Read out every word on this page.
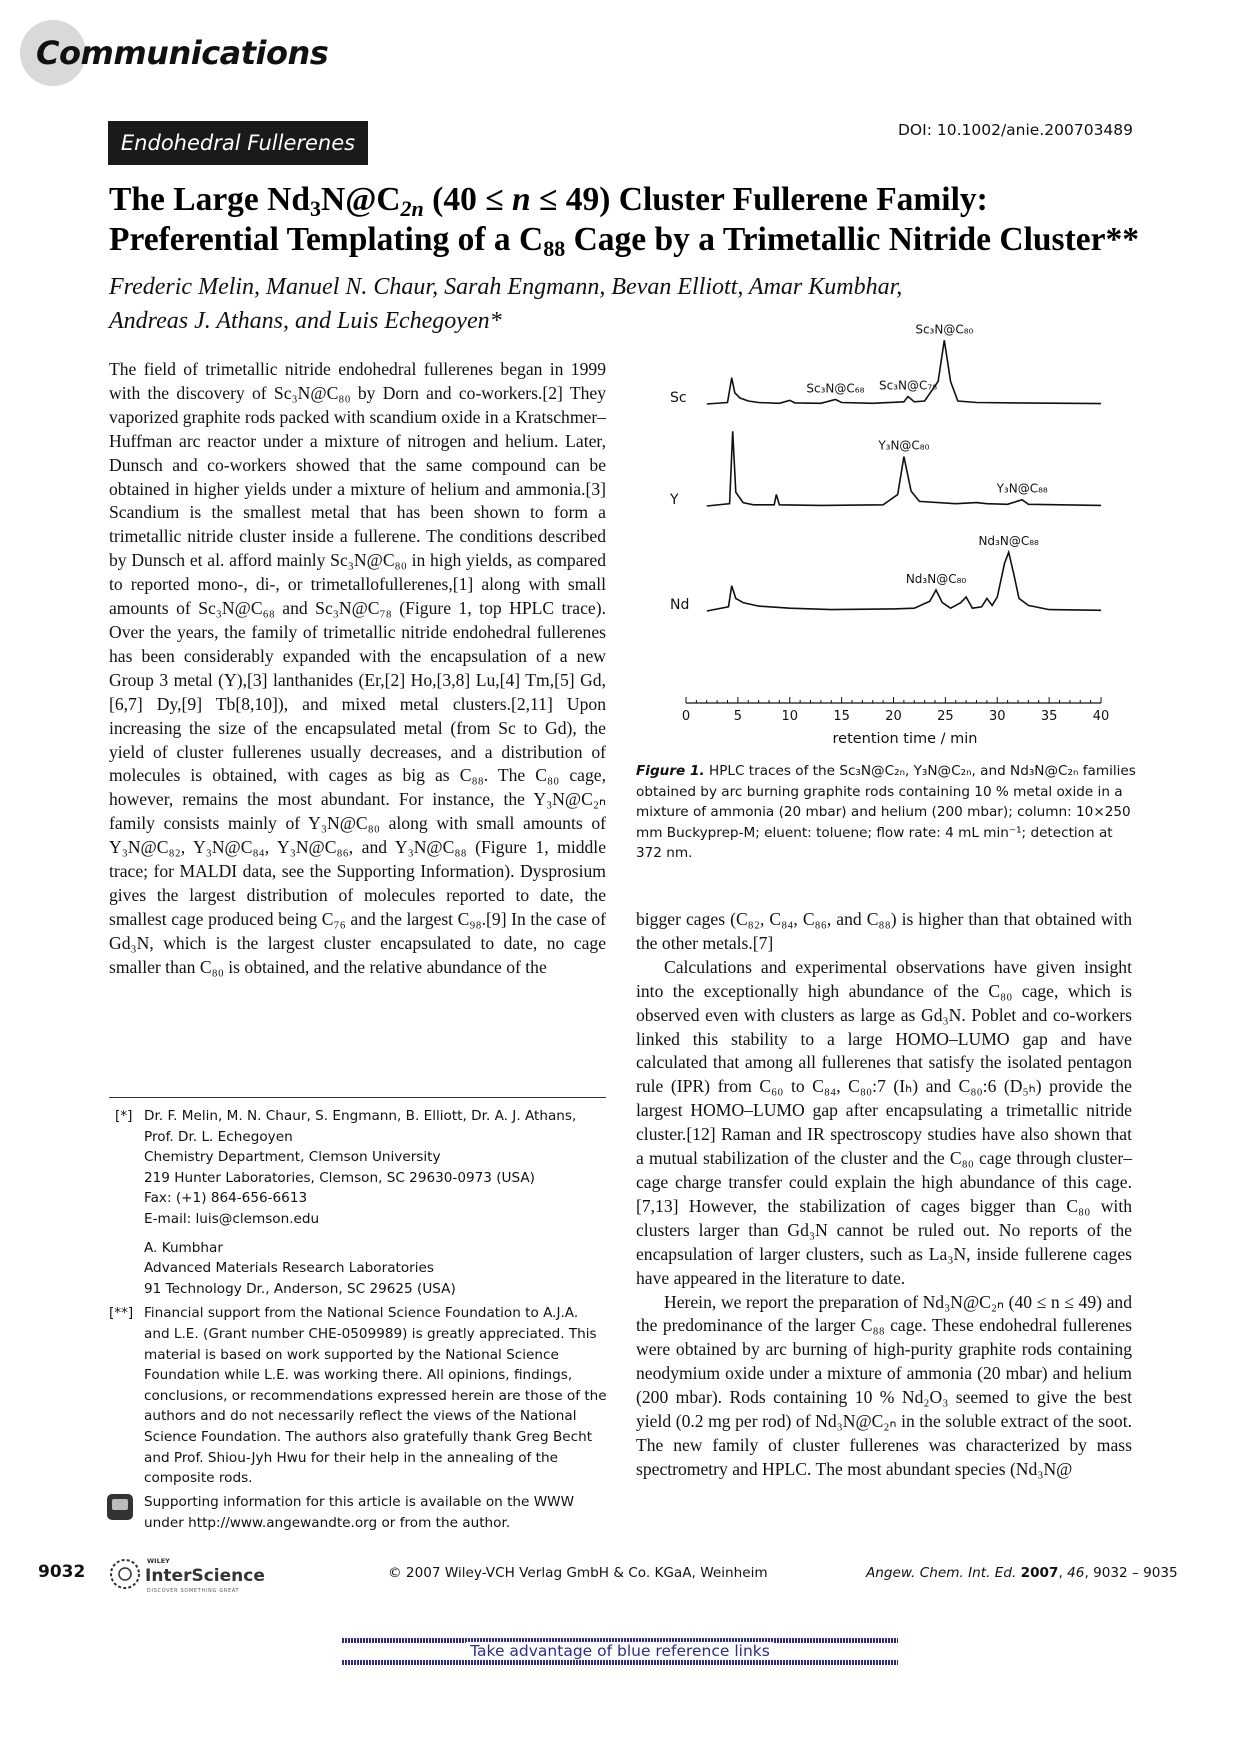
Communications
Endohedral Fullerenes
DOI: 10.1002/anie.200703489
The Large $Nd_3N@C_{2n}$ (40 ≤ n ≤ 49) Cluster Fullerene Family:
Preferential Templating of a $C_{88}$ Cage by a Trimetallic Nitride Cluster**
Frederic Melin, Manuel N. Chaur, Sarah Engmann, Bevan Elliott, Amar Kumbhar,
Andreas J. Athans, and Luis Echegoyen*
The field of trimetallic nitride endohedral fullerenes began in 1999 with the discovery of Sc₃N@C₈₀ by Dorn and co-workers.[2] They vaporized graphite rods packed with scandium oxide in a Kratschmer–Huffman arc reactor under a mixture of nitrogen and helium. Later, Dunsch and co-workers showed that the same compound can be obtained in higher yields under a mixture of helium and ammonia.[3] Scandium is the smallest metal that has been shown to form a trimetallic nitride cluster inside a fullerene. The conditions described by Dunsch et al. afford mainly Sc₃N@C₈₀ in high yields, as compared to reported mono-, di-, or trimetallofullerenes,[1] along with small amounts of Sc₃N@C₆₈ and Sc₃N@C₇₈ (Figure 1, top HPLC trace). Over the years, the family of trimetallic nitride endohedral fullerenes has been considerably expanded with the encapsulation of a new Group 3 metal (Y),[3] lanthanides (Er,[2] Ho,[3,8] Lu,[4] Tm,[5] Gd,[6,7] Dy,[9] Tb[8,10]), and mixed metal clusters.[2,11] Upon increasing the size of the encapsulated metal (from Sc to Gd), the yield of cluster fullerenes usually decreases, and a distribution of molecules is obtained, with cages as big as C₈₈. The C₈₀ cage, however, remains the most abundant. For instance, the Y₃N@C₂ₙ family consists mainly of Y₃N@C₈₀ along with small amounts of Y₃N@C₈₂, Y₃N@C₈₄, Y₃N@C₈₆, and Y₃N@C₈₈ (Figure 1, middle trace; for MALDI data, see the Supporting Information). Dysprosium gives the largest distribution of molecules reported to date, the smallest cage produced being C₇₆ and the largest C₉₈.[9] In the case of Gd₃N, which is the largest cluster encapsulated to date, no cage smaller than C₈₀ is obtained, and the relative abundance of the
Sc
Sc₃N@C₆₈ Sc₃N@C₇₈
Sc₃N@C₈₀
Y
Y₃N@C₈₀
Y₃N@C₈₈
Nd
Nd₃N@C₈₀
Nd₃N@C₈₈
0	5	10	15	20	25	30	35	40
retention time / min
Figure 1. HPLC traces of the Sc₃N@C₂ₙ, Y₃N@C₂ₙ, and Nd₃N@C₂ₙ families obtained by arc burning graphite rods containing 10 % metal oxide in a mixture of ammonia (20 mbar) and helium (200 mbar); column: 10×250 mm Buckyprep-M; eluent: toluene; flow rate: 4 mL min⁻¹; detection at 372 nm.
bigger cages (C₈₂, C₈₄, C₈₆, and C₈₈) is higher than that obtained with the other metals.[7]
Calculations and experimental observations have given insight into the exceptionally high abundance of the C₈₀ cage, which is observed even with clusters as large as Gd₃N. Poblet and co-workers linked this stability to a large HOMO–LUMO gap and have calculated that among all fullerenes that satisfy the isolated pentagon rule (IPR) from C₆₀ to C₈₄, C₈₀:7 (Iₕ) and C₈₀:6 (D₅ₕ) provide the largest HOMO–LUMO gap after encapsulating a trimetallic nitride cluster.[12] Raman and IR spectroscopy studies have also shown that a mutual stabilization of the cluster and the C₈₀ cage through cluster–cage charge transfer could explain the high abundance of this cage.[7,13] However, the stabilization of cages bigger than C₈₀ with clusters larger than Gd₃N cannot be ruled out. No reports of the encapsulation of larger clusters, such as La₃N, inside fullerene cages have appeared in the literature to date.
Herein, we report the preparation of Nd₃N@C₂ₙ (40 ≤ n ≤ 49) and the predominance of the larger C₈₈ cage. These endohedral fullerenes were obtained by arc burning of high-purity graphite rods containing neodymium oxide under a mixture of ammonia (20 mbar) and helium (200 mbar). Rods containing 10 % Nd₂O₃ seemed to give the best yield (0.2 mg per rod) of Nd₃N@C₂ₙ in the soluble extract of the soot. The new family of cluster fullerenes was characterized by mass spectrometry and HPLC. The most abundant species (Nd₃N@
[*] Dr. F. Melin, M. N. Chaur, S. Engmann, B. Elliott, Dr. A. J. Athans,
Prof. Dr. L. Echegoyen
Chemistry Department, Clemson University
219 Hunter Laboratories, Clemson, SC 29630-0973 (USA)
Fax: (+1) 864-656-6613
E-mail: luis@clemson.edu
A. Kumbhar
Advanced Materials Research Laboratories
91 Technology Dr., Anderson, SC 29625 (USA)
[**] Financial support from the National Science Foundation to A.J.A.
and L.E. (Grant number CHE-0509989) is greatly appreciated. This
material is based on work supported by the National Science
Foundation while L.E. was working there. All opinions, findings,
conclusions, or recommendations expressed herein are those of the
authors and do not necessarily reflect the views of the National
Science Foundation. The authors also gratefully thank Greg Becht
and Prof. Shiou-Jyh Hwu for their help in the annealing of the
composite rods.
Supporting information for this article is available on the WWW
under http://www.angewandte.org or from the author.
9032
WILEY
InterScience
DISCOVER SOMETHING GREAT
© 2007 Wiley-VCH Verlag GmbH & Co. KGaA, Weinheim	Angew. Chem. Int. Ed. 2007, 46, 9032 – 9035
Take advantage of blue reference links
